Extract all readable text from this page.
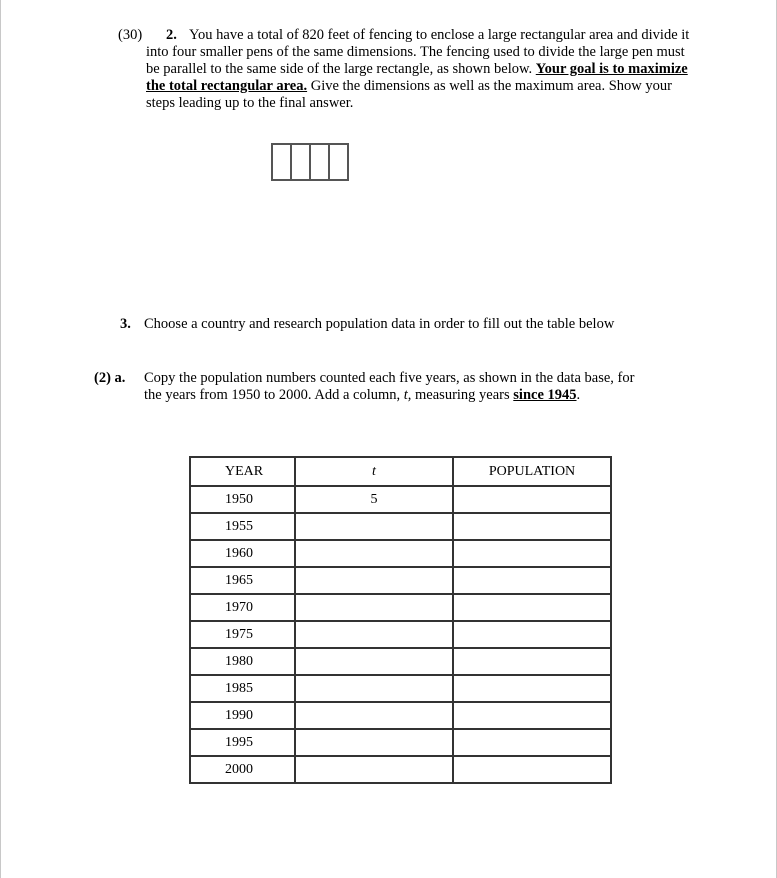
(30)	2. You have a total of 820 feet of fencing to enclose a large rectangular area and divide it
into four smaller pens of the same dimensions. The fencing used to divide the large pen must
be parallel to the same side of the large rectangle, as shown below. Your goal is to maximize
the total rectangular area. Give the dimensions as well as the maximum area. Show your
steps leading up to the final answer.
3. Choose a country and research population data in order to fill out the table below
(2) a.	Copy the population numbers counted each five years, as shown in the data base, for
the years from 1950 to 2000. Add a column, t, measuring years since 1945.
YEAR	t	POPULATION
1950	5	
1955		
1960		
1965		
1970		
1975		
1980		
1985		
1990		
1995		
2000		
